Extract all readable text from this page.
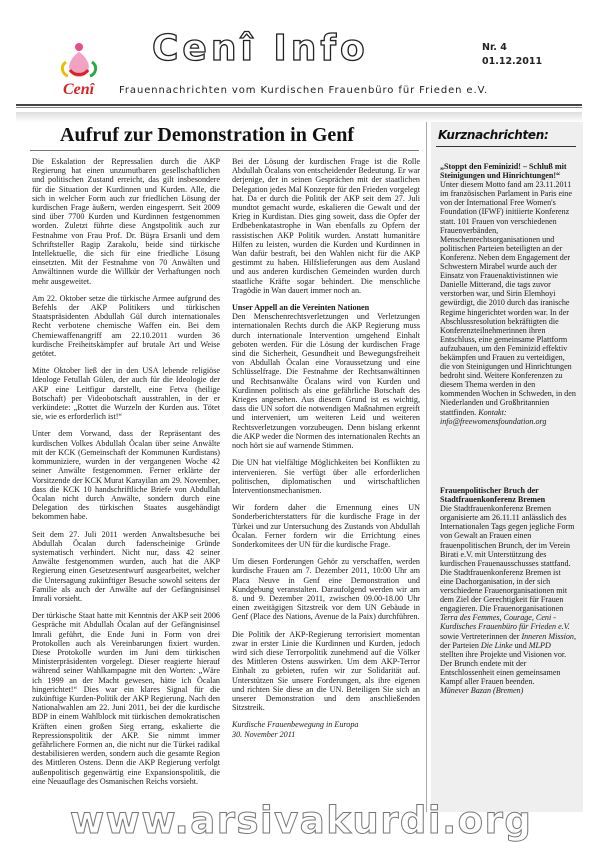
Cenî
Cenî Info	Nr. 4
01.12.2011
Frauennachrichten vom Kurdischen Frauenbüro für Frieden e.V.
Aufruf zur Demonstration in Genf

Die Eskalation der Repressalien durch die AKP Regierung hat einen unzumutbaren gesellschaftlichen und politischen Zustand erreicht, das gilt insbesondere für die Situation der Kurdinnen und Kurden. Alle, die sich in welcher Form auch zur friedlichen Lösung der kurdischen Frage äußern, werden eingesperrt. Seit 2009 sind über 7700 Kurden und Kurdinnen festgenommen worden. Zuletzt führte diese Angstpolitik auch zur Festnahme von Frau Prof. Dr. Büşra Ersanli und dem Schriftsteller Ragip Zarakolu, beide sind türkische Intellektuelle, die sich für eine friedliche Lösung einsetzten. Mit der Festnahme von 70 Anwälten und Anwältinnen wurde die Willkür der Verhaftungen noch mehr ausgeweitet.

Am 22. Oktober setze die türkische Armee aufgrund des Befehls der AKP Politikers und türkischen Staatspräsidenten Abdullah Gül durch internationales Recht verbotene chemische Waffen ein. Bei dem Chemiewaffenangriff am 22.10.2011 wurden 36 kurdische Freiheitskämpfer auf brutale Art und Weise getötet.

Mitte Oktober ließ der in den USA lebende religiöse Ideologe Fetullah Gülen, der auch für die Ideologie der AKP eine Leitfigur darstellt, eine Fetva (heilige Botschaft) per Videobotschaft ausstrahlen, in der er verkündete: „Rottet die Wurzeln der Kurden aus. Tötet sie, wie es erforderlich ist!“

Unter dem Vorwand, dass der Repräsentant des kurdischen Volkes Abdullah Öcalan über seine Anwälte mit der KCK (Gemeinschaft der Kommunen Kurdistans) kommuniziere, wurden in der vergangenen Woche 42 seiner Anwälte festgenommen. Ferner erklärte der Vorsitzende der KCK Murat Karayilan am 29. November, dass die KCK 10 handschriftliche Briefe von Abdullah Öcalan nicht durch Anwälte, sondern durch eine Delegation des türkischen Staates ausgehändigt bekommen habe.

Seit dem 27. Juli 2011 werden Anwaltsbesuche bei Abdullah Öcalan durch fadenscheinige Gründe systematisch verhindert. Nicht nur, dass 42 seiner Anwälte festgenommen wurden, auch hat die AKP Regierung einen Gesetzesentwurf ausgearbeitet, welcher die Untersagung zukünftiger Besuche sowohl seitens der Familie als auch der Anwälte auf der Gefängnisinsel Imrali vorsieht.

Der türkische Staat hatte mit Kenntnis der AKP seit 2006 Gespräche mit Abdullah Öcalan auf der Gefängnisinsel Imrali geführt, die Ende Juni in Form von drei Protokollen auch als Vereinbarungen fixiert wurden. Diese Protokolle wurden im Juni dem türkischen Ministerpräsidenten vorgelegt. Dieser reagierte hierauf während seiner Wahlkampagne mit den Worten: „Wäre ich 1999 an der Macht gewesen, hätte ich Öcalan hingerichtet!“ Dies war ein klares Signal für die zukünftige Kurden-Politik der AKP Regierung. Nach den Nationalwahlen am 22. Juni 2011, bei der die kurdische BDP in einem Wahlblock mit türkischen demokratischen Kräften einen großen Sieg errang, eskalierte die Repressionspolitik der AKP. Sie nimmt immer gefährlichere Formen an, die nicht nur die Türkei radikal destabilisieren werden, sondern auch die gesamte Region des Mittleren Ostens. Denn die AKP Regierung verfolgt außenpolitisch gegenwärtig eine Expansionspolitik, die eine Neuauflage des Osmanischen Reichs vorsieht.

Bei der Lösung der kurdischen Frage ist die Rolle Abdullah Öcalans von entscheidender Bedeutung. Er war derjenige, der in seinen Gesprächen mit der staatlichen Delegation jedes Mal Konzepte für den Frieden vorgelegt hat. Da er durch die Politik der AKP seit dem 27. Juli mundtot gemacht wurde, eskalieren die Gewalt und der Krieg in Kurdistan. Dies ging soweit, dass die Opfer der Erdbebenkatastrophe in Wan ebenfalls zu Opfern der rassistischen AKP Politik wurden. Anstatt humanitäre Hilfen zu leisten, wurden die Kurden und Kurdinnen in Wan dafür bestraft, bei den Wahlen nicht für die AKP gestimmt zu haben. Hilfslieferungen aus dem Ausland und aus anderen kurdischen Gemeinden wurden durch staatliche Kräfte sogar behindert. Die menschliche Tragödie in Wan dauert immer noch an.

Unser Appell an die Vereinten Nationen

Den Menschenrechtsverletzungen und Verletzungen internationalen Rechts durch die AKP Regierung muss durch internationale Intervention umgehend Einhalt geboten werden. Für die Lösung der kurdischen Frage sind die Sicherheit, Gesundheit und Bewegungsfreiheit von Abdullah Öcalan eine Voraussetzung und eine Schlüsselfrage. Die Festnahme der Rechtsanwältinnen und Rechtsanwälte Öcalans wird von Kurden und Kurdinnen politisch als eine gefährliche Botschaft des Krieges angesehen. Aus diesem Grund ist es wichtig, dass die UN sofort die notwendigen Maßnahmen ergreift und interveniert, um weiteren Leid und weiteren Rechtsverletzungen vorzubeugen. Denn bislang erkennt die AKP weder die Normen des internationalen Rechts an noch hört sie auf warnende Stimmen.

Die UN hat vielfältige Möglichkeiten bei Konflikten zu intervenieren. Sie verfügt über alle erforderlichen politischen, diplomatischen und wirtschaftlichen Interventionsmechanismen.

Wir fordern daher die Ernennung eines UN Sonderberichterstatters für die kurdische Frage in der Türkei und zur Untersuchung des Zustands von Abdullah Öcalan. Ferner fordern wir die Errichtung eines Sonderkomitees der UN für die kurdische Frage.

Um diesen Forderungen Gehör zu verschaffen, werden kurdische Frauen am 7. Dezember 2011, 10:00 Uhr am Placa Neuve in Genf eine Demonstration und Kundgebung veranstalten. Daraufolgend werden wir am 8. und 9. Dezember 2011, zwischen 09.00-18.00 Uhr einen zweitägigen Sitzstreik vor dem UN Gebäude in Genf (Place des Nations, Avenue de la Paix) durchführen.

Die Politik der AKP-Regierung terrorisiert momentan zwar in erster Linie die Kurdinnen und Kurden, jedoch wird sich diese Terrorpolitik zunehmend auf die Völker des Mittleren Ostens auswirken. Um dem AKP-Terror Einhalt zu gebieten, rufen wir zur Solidarität auf. Unterstützen Sie unsere Forderungen, als ihre eigenen und richten Sie diese an die UN. Beteiligen Sie sich an unserer Demonstration und dem anschließenden Sitzstreik.

Kurdische Frauenbewegung in Europa
30. November 2011
Kurznachrichten:
„Stoppt den Feminizid! – Schluß mit Steinigungen und Hinrichtungen!“
Unter diesem Motto fand am 23.11.2011 im französischen Parlament in Paris eine von der International Free Women's Foundation (IFWF) initiierte Konferenz statt. 101 Frauen von verschiedenen Frauenverbänden, Menschenrechtsorganisationen und politischen Parteien beteiligten an der Konferenz. Neben dem Engagement der Schwestern Mirabel wurde auch der Einsatz von Frauenaktivistinnen wie Danielle Mitterand, die tags zuvor verstorben war, und Sirin Elemhoyi gewürdigt, die 2010 durch das iranische Regime hingerichtet worden war. In der Abschlussresolution bekräftigten die Konferenzteilnehmerinnen ihren Entschluss, eine gemeinsame Plattform aufzubauen, um den Feminizid effektiv bekämpfen und Frauen zu verteidigen, die von Steinigungen und Hinrichtungen bedroht sind. Weitere Konferenzen zu diesem Thema werden in den kommenden Wochen in Schweden, in den Niederlanden und Großbritannien stattfinden. Kontakt: info@freewomensfoundation.org
Frauenpolitischer Bruch der Stadtfrauenkonferenz Bremen
Die Stadtfrauenkonferenz Bremen organisierte am 26.11.11 anlässlich des Internationalen Tags gegen jegliche Form von Gewalt an Frauen einen frauenpolitischen Brunch, der im Verein Birati e.V. mit Unterstützung des kurdischen Frauenausschusses stattfand. Die Stadtfrauenkonferenz Bremen ist eine Dachorganisation, in der sich verschiedene Frauenorganisationen mit dem Ziel der Gerechtigkeit für Frauen engagieren. Die Frauenorganisationen Terra des Femmes, Courage, Ceni - Kurdisches Frauenbüro für Frieden e.V. sowie Vertreterinnen der Inneren Mission, der Parteien Die Linke und MLPD stellten ihre Projekte und Visionen vor. Der Brunch endete mit der Entschlossenheit einen gemeinsamen Kampf aller Frauen beenden.
Münever Bazan (Bremen)
www.arsivakurdi.org
